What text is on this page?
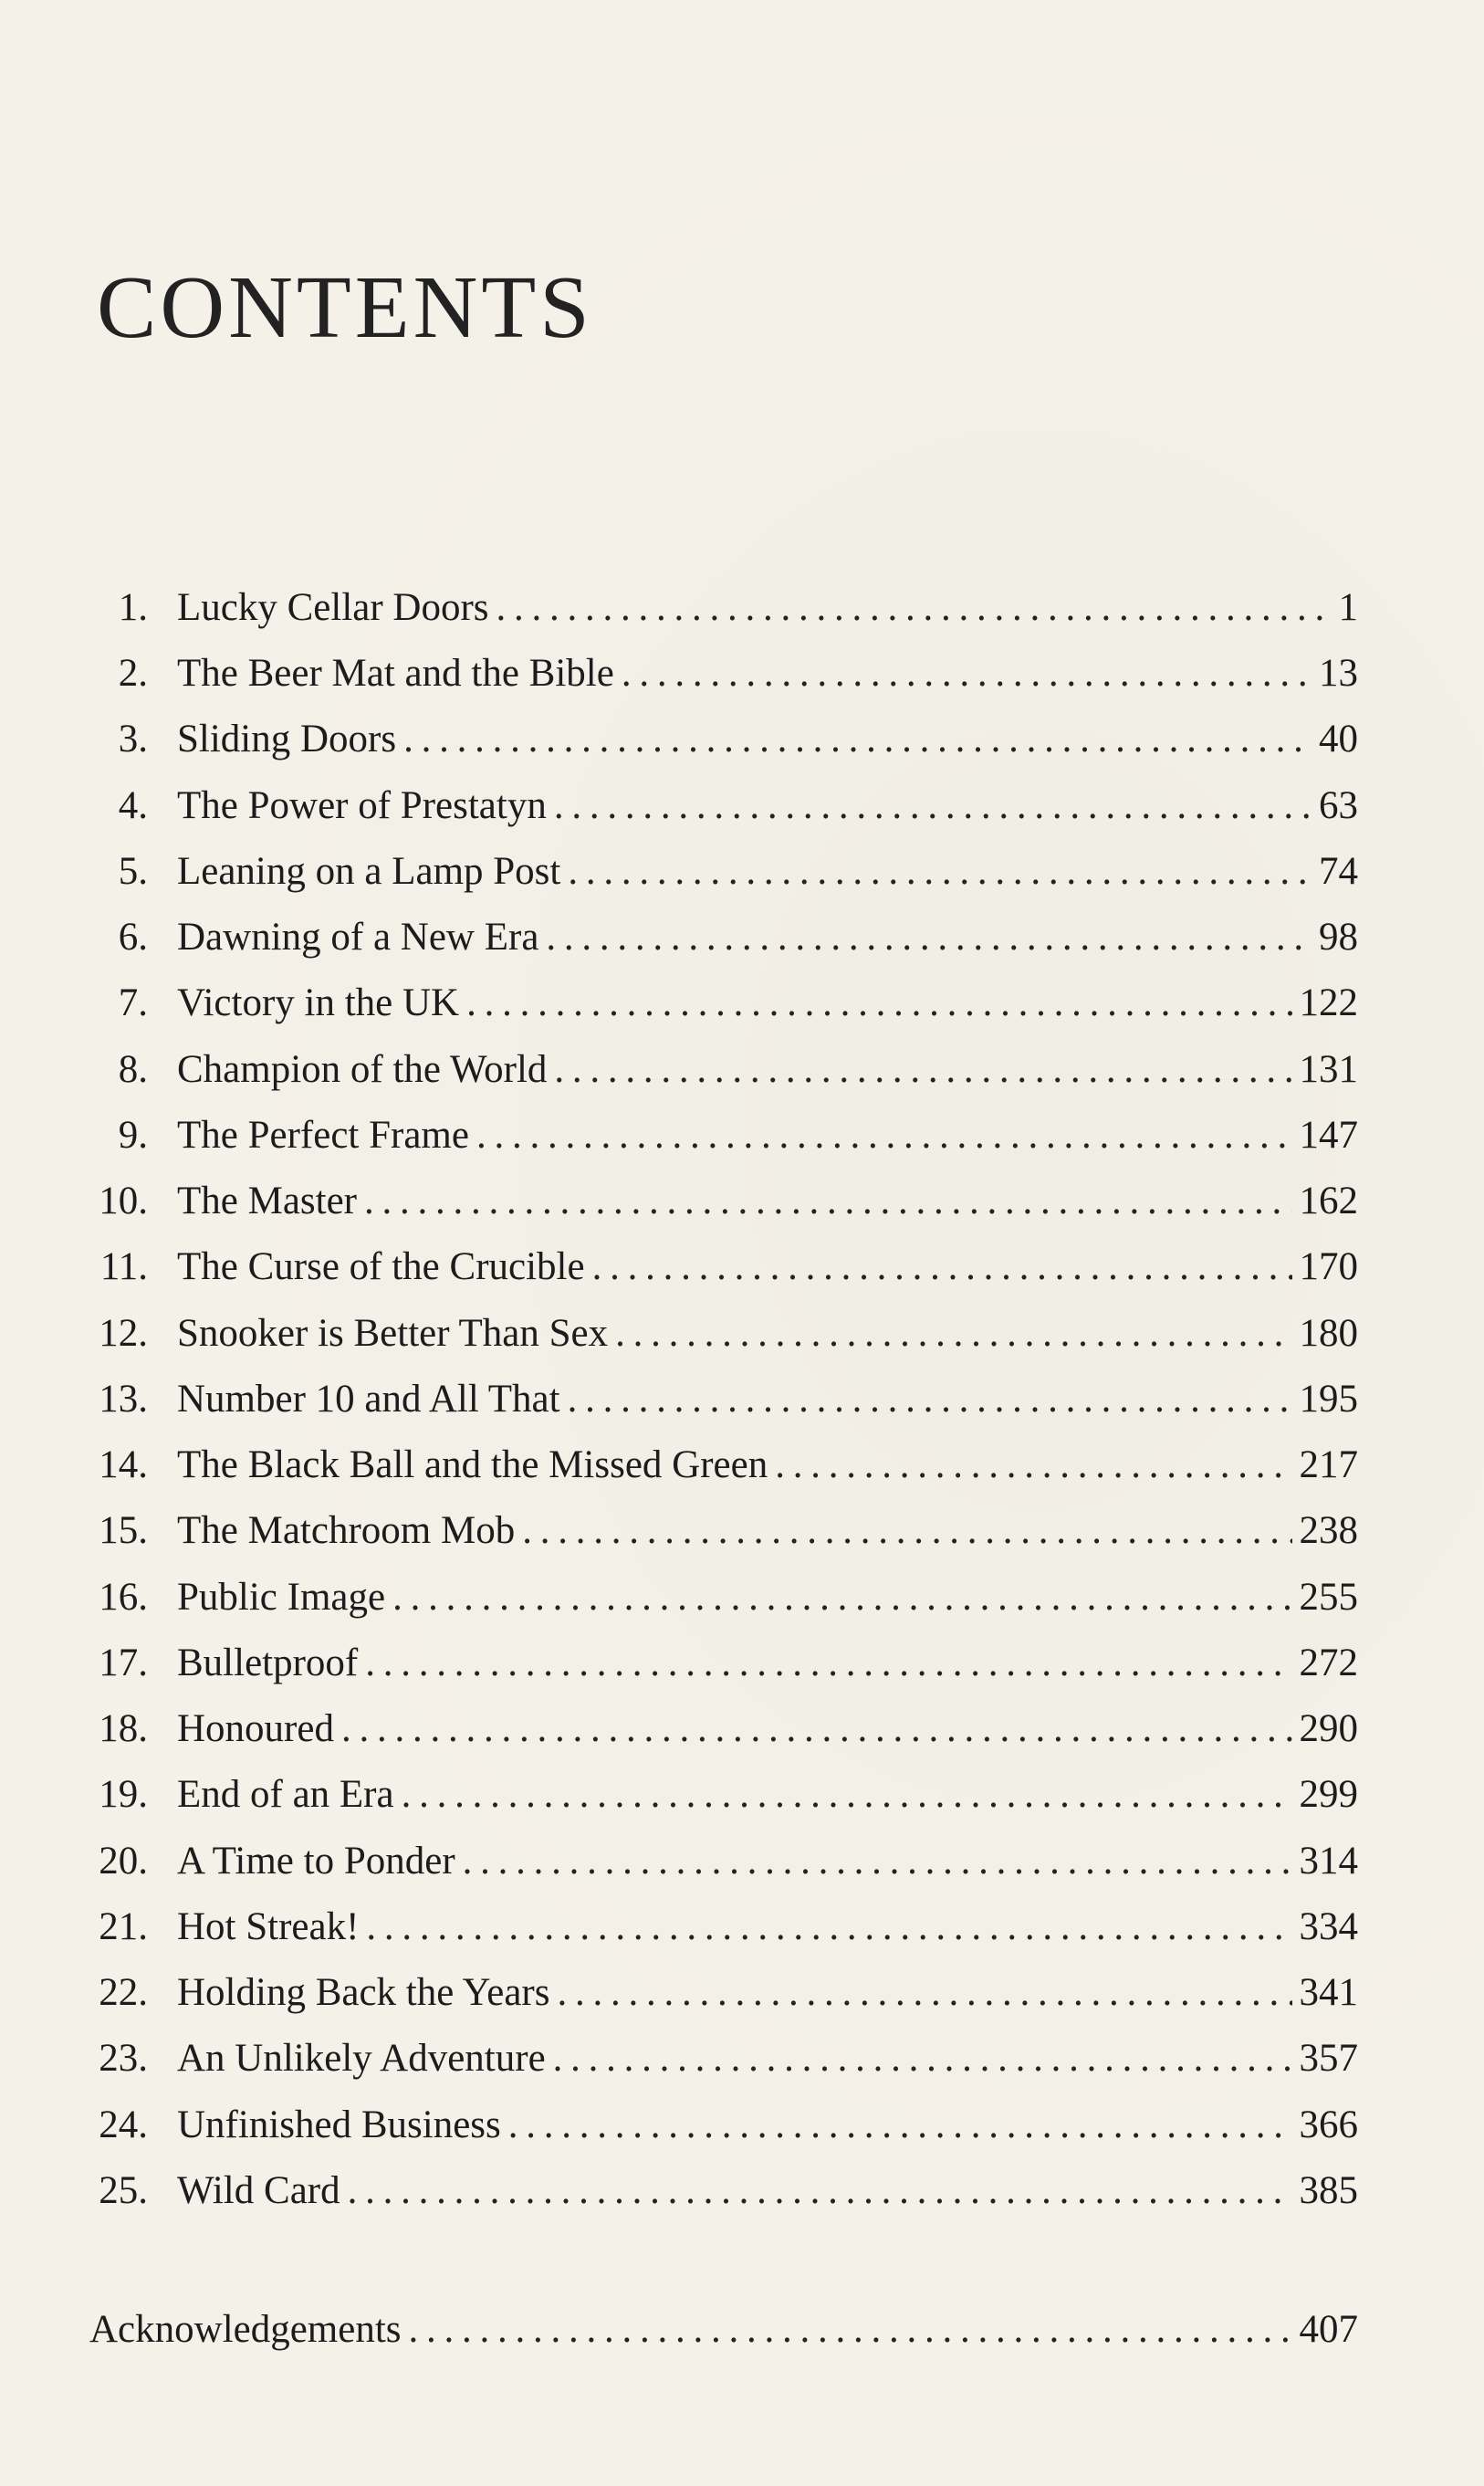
CONTENTS
1. Lucky Cellar Doors . . .	1
2. The Beer Mat and the Bible . . .	13
3. Sliding Doors . . .	40
4. The Power of Prestatyn . . .	63
5. Leaning on a Lamp Post . . .	74
6. Dawning of a New Era . . .	98
7. Victory in the UK . . .	122
8. Champion of the World . . .	131
9. The Perfect Frame . . .	147
10. The Master . . .	162
11. The Curse of the Crucible . . .	170
12. Snooker is Better Than Sex . . .	180
13. Number 10 and All That . . .	195
14. The Black Ball and the Missed Green . . .	217
15. The Matchroom Mob . . .	238
16. Public Image . . .	255
17. Bulletproof . . .	272
18. Honoured . . .	290
19. End of an Era . . .	299
20. A Time to Ponder . . .	314
21. Hot Streak! . . .	334
22. Holding Back the Years . . .	341
23. An Unlikely Adventure . . .	357
24. Unfinished Business . . .	366
25. Wild Card . . .	385
Acknowledgements . . .	407
